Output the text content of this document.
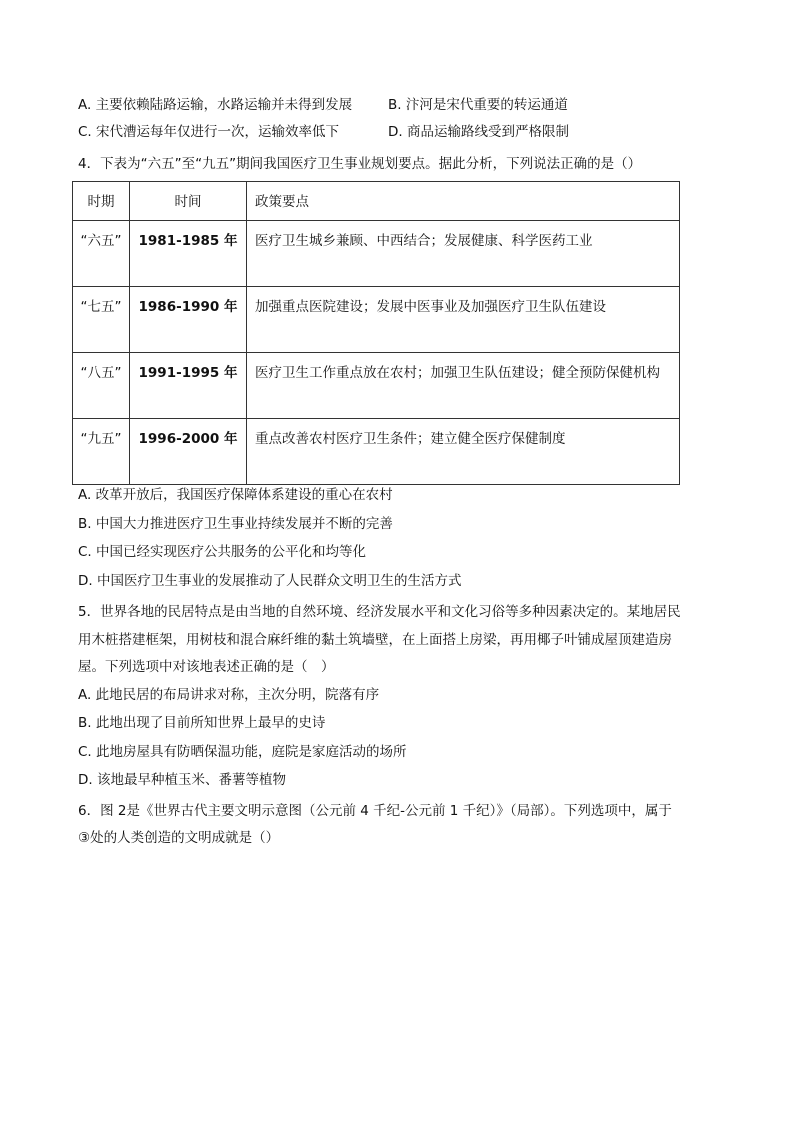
A. 主要依赖陆路运输，水路运输并未得到发展	B. 汴河是宋代重要的转运通道
C. 宋代漕运每年仅进行一次，运输效率低下	D. 商品运输路线受到严格限制
4．下表为“六五”至“九五”期间我国医疗卫生事业规划要点。据此分析，下列说法正确的是（）
时期	时间	政策要点

“六五”	1981-1985 年	医疗卫生城乡兼顾、中西结合；发展健康、科学医药工业

“七五”	1986-1990 年	加强重点医院建设；发展中医事业及加强医疗卫生队伍建设

“八五”	1991-1995 年	医疗卫生工作重点放在农村；加强卫生队伍建设；健全预防保健机构

“九五”	1996-2000 年	重点改善农村医疗卫生条件；建立健全医疗保健制度
A. 改革开放后，我国医疗保障体系建设的重心在农村
B. 中国大力推进医疗卫生事业持续发展并不断的完善
C. 中国已经实现医疗公共服务的公平化和均等化
D. 中国医疗卫生事业的发展推动了人民群众文明卫生的生活方式
5．世界各地的民居特点是由当地的自然环境、经济发展水平和文化习俗等多种因素决定的。某地居民
用木桩搭建框架，用树枝和混合麻纤维的黏土筑墙壁，在上面搭上房梁，再用椰子叶铺成屋顶建造房
屋。下列选项中对该地表述正确的是（　）
A. 此地民居的布局讲求对称，主次分明，院落有序
B. 此地出现了目前所知世界上最早的史诗
C. 此地房屋具有防晒保温功能，庭院是家庭活动的场所
D. 该地最早种植玉米、番薯等植物
6．图 2是《世界古代主要文明示意图（公元前 4 千纪-公元前 1 千纪）》（局部）。下列选项中，属于
③处的人类创造的文明成就是（）
